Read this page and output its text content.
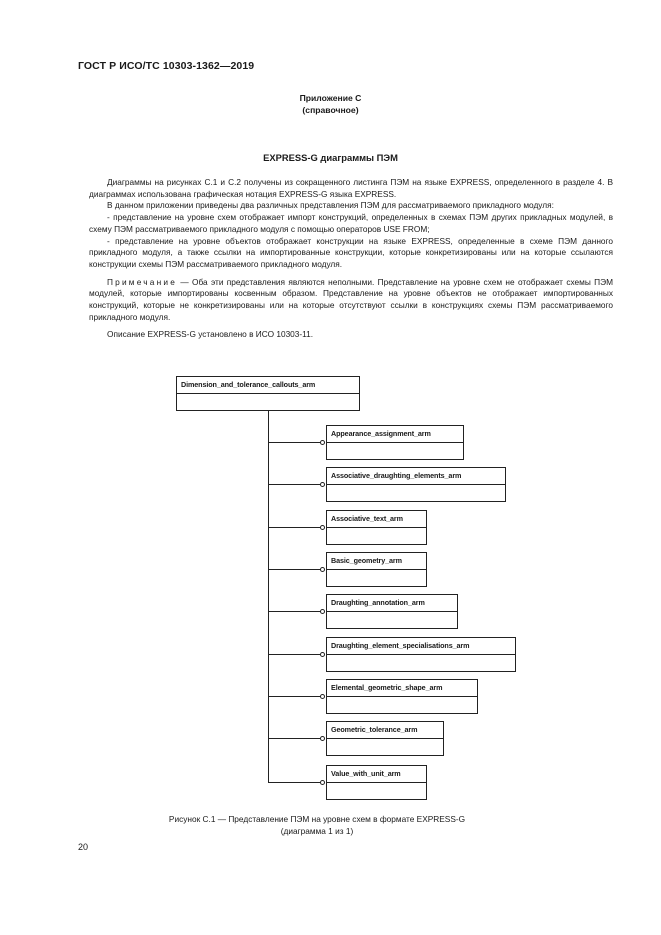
ГОСТ Р ИСО/ТС 10303-1362—2019
Приложение С
(справочное)
EXPRESS-G диаграммы ПЭМ

Диаграммы на рисунках С.1 и С.2 получены из сокращенного листинга ПЭМ на языке EXPRESS, определенного в разделе 4. В диаграммах использована графическая нотация EXPRESS-G языка EXPRESS.

В данном приложении приведены два различных представления ПЭМ для рассматриваемого прикладного модуля:

- представление на уровне схем отображает импорт конструкций, определенных в схемах ПЭМ других прикладных модулей, в схему ПЭМ рассматриваемого прикладного модуля с помощью операторов USE FROM;

- представление на уровне объектов отображает конструкции на языке EXPRESS, определенные в схеме ПЭМ данного прикладного модуля, а также ссылки на импортированные конструкции, которые конкретизированы или на которые ссылаются конструкции схемы ПЭМ рассматриваемого прикладного модуля.

Примечание — Оба эти представления являются неполными. Представление на уровне схем не отображает схемы ПЭМ модулей, которые импортированы косвенным образом. Представление на уровне объектов не отображает импортированных конструкций, которые не конкретизированы или на которые отсутствуют ссылки в конструкциях схемы ПЭМ рассматриваемого прикладного модуля.

Описание EXPRESS-G установлено в ИСО 10303-11.

Dimension_and_tolerance_callouts_arm
Appearance_assignment_arm
Associative_draughting_elements_arm
Associative_text_arm
Basic_geometry_arm
Draughting_annotation_arm
Draughting_element_specialisations_arm
Elemental_geometric_shape_arm
Geometric_tolerance_arm
Value_with_unit_arm
Рисунок С.1 — Представление ПЭМ на уровне схем в формате EXPRESS-G
(диаграмма 1 из 1)
20
